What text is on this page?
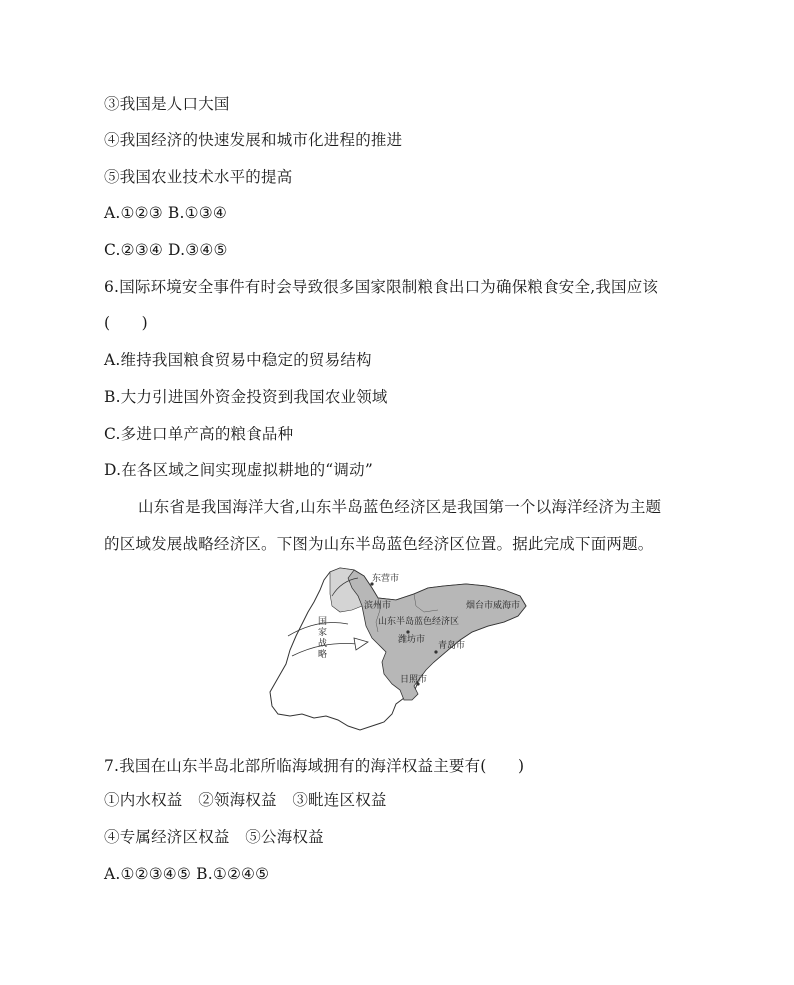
③我国是人口大国
④我国经济的快速发展和城市化进程的推进
⑤我国农业技术水平的提高
A.①②③ B.①③④
C.②③④ D.③④⑤
6.国际环境安全事件有时会导致很多国家限制粮食出口为确保粮食安全,我国应该
(　　)
A.维持我国粮食贸易中稳定的贸易结构
B.大力引进国外资金投资到我国农业领域
C.多进口单产高的粮食品种
D.在各区域之间实现虚拟耕地的“调动”
山东省是我国海洋大省,山东半岛蓝色经济区是我国第一个以海洋经济为主题
的区域发展战略经济区。下图为山东半岛蓝色经济区位置。据此完成下面两题。
东营市
滨州市
山东半岛蓝色经济区
潍坊市
烟台市威海市
青岛市
日照市
国
家
战
略
7.我国在山东半岛北部所临海域拥有的海洋权益主要有(　　)
①内水权益　②领海权益　③毗连区权益
④专属经济区权益　⑤公海权益
A.①②③④⑤ B.①②④⑤
